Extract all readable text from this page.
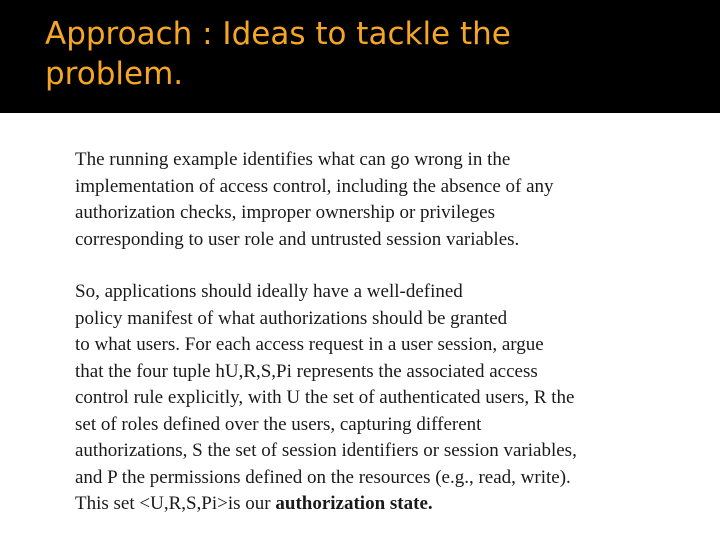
Approach : Ideas to tackle the
problem.

The running example identifies what can go wrong in the
implementation of access control, including the absence of any
authorization checks, improper ownership or privileges
corresponding to user role and untrusted session variables.

So, applications should ideally have a well-defined
policy manifest of what authorizations should be granted
to what users. For each access request in a user session, argue
that the four tuple hU,R,S,Pi represents the associated access
control rule explicitly, with U the set of authenticated users, R the
set of roles defined over the users, capturing different
authorizations, S the set of session identifiers or session variables,
and P the permissions defined on the resources (e.g., read, write).
This set <U,R,S,Pi>is our authorization state.
